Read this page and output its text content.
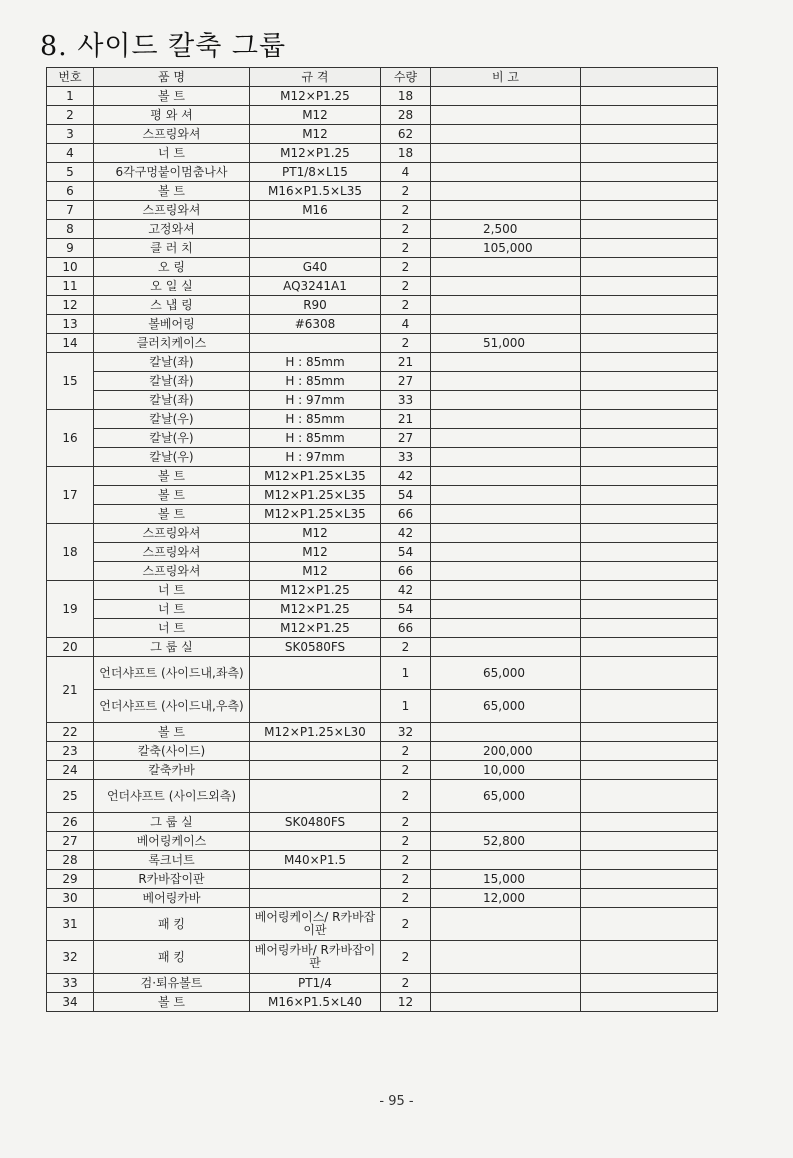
8. 사이드 칼축 그룹
번호	품 명	규 격	수량	비 고	
1	볼 트	M12×P1.25	18		
2	평 와 셔	M12	28		
3	스프링와셔	M12	62		
4	너 트	M12×P1.25	18		
5	6각구멍붙이멈춤나사	PT1/8×L15	4		
6	볼 트	M16×P1.5×L35	2		
7	스프링와셔	M16	2		
8	고정와셔		2	2,500	
9	클 러 치		2	105,000	
10	오 링	G40	2		
11	오 일 실	AQ3241A1	2		
12	스 냅 링	R90	2		
13	볼베어링	#6308	4		
14	클러치케이스		2	51,000	
15	칼날(좌)	H : 85mm	21		
	칼날(좌)	H : 85mm	27		
	칼날(좌)	H : 97mm	33		
16	칼날(우)	H : 85mm	21		
	칼날(우)	H : 85mm	27		
	칼날(우)	H : 97mm	33		
17	볼 트	M12×P1.25×L35	42		
	볼 트	M12×P1.25×L35	54		
	볼 트	M12×P1.25×L35	66		
18	스프링와셔	M12	42		
	스프링와셔	M12	54		
	스프링와셔	M12	66		
19	너 트	M12×P1.25	42		
	너 트	M12×P1.25	54		
	너 트	M12×P1.25	66		
20	그 룹 실	SK0580FS	2		
21	언더샤프트 (사이드내,좌측)		1	65,000	
	언더샤프트 (사이드내,우측)		1	65,000	
22	볼 트	M12×P1.25×L30	32		
23	칼축(사이드)		2	200,000	
24	칼축카바		2	10,000	
25	언더샤프트 (사이드외측)		2	65,000	
26	그 룹 실	SK0480FS	2		
27	베어링케이스		2	52,800	
28	록크너트	M40×P1.5	2		
29	R카바잡이판		2	15,000	
30	베어링카바		2	12,000	
31	패 킹	베어링케이스/ R카바잡이판	2		
32	패 킹	베어링카바/ R카바잡이판	2		
33	검·퇴유볼트	PT1/4	2		
34	볼 트	M16×P1.5×L40	12		
- 95 -
